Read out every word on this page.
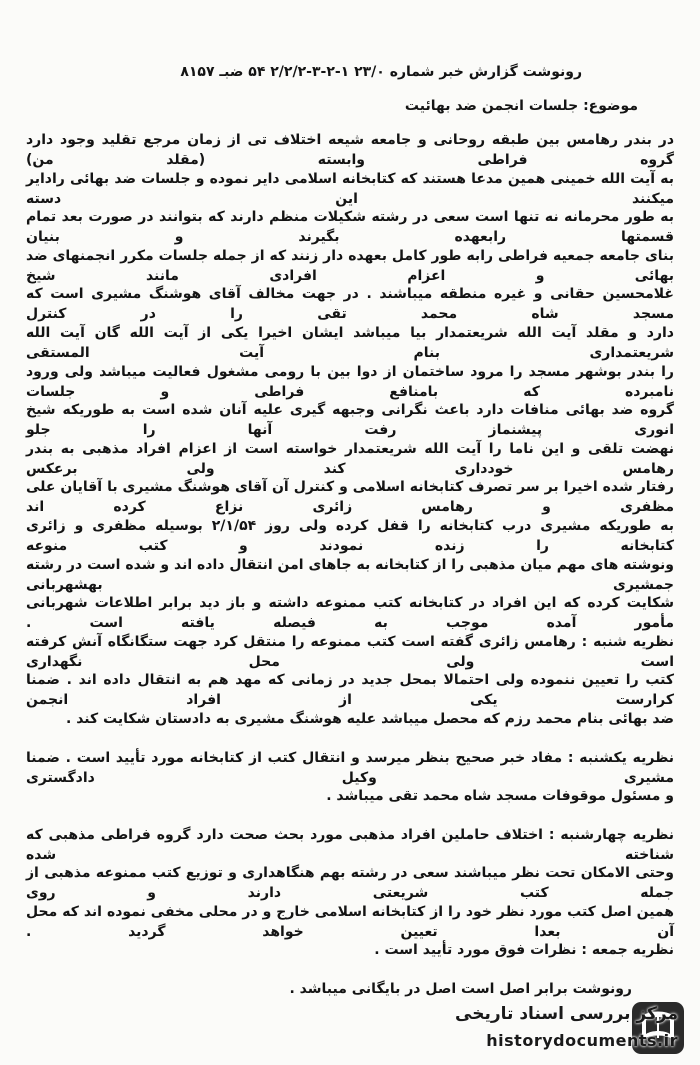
رونوشت گزارش خبر شماره ۲۳/۰ ۱-۲-۳-۲/۲/۲ ۵۴ ضبـ ۸۱۵۷
موضوع: جلسات انجمن ضد بهائیت
در بندر رهامس بین طبقه روحانی و جامعه شیعه اختلاف تی از زمان مرجع تقلید وجود دارد گروه فراطی وابسته (مقلد من)
به آیت الله خمینی همین مدعا هستند که کتابخانه اسلامی دایر نموده و جلسات ضد بهائی رادایر میکنند این دسته
به طور محرمانه نه تنها است سعی در رشته شکیلات منظم دارند که بتوانند در صورت بعد تمام قسمتها رابعهده بگیرند و بنیان
بنای جامعه جمعیه فراطی رابه طور کامل بعهده دار زنند که از جمله جلسات مکرر انجمنهای ضد بهائی و اعزام افرادی مانند شیخ
غلامحسین حقانی و غیره منطقه میباشند . در جهت مخالف آقای هوشنگ مشیری است که مسجد شاه محمد تقی را در کنترل
دارد و مقلد آیت الله شریعتمدار بیا میباشد ایشان اخیرا یکی از آیت الله گان آیت الله شریعتمداری بنام آیت المستقی
را بندر بوشهر مسجد را مرود ساختمان از دوا بین با رومی مشغول فعالیت میباشد ولی ورود نامبرده که بامنافع فراطی و جلسات
گروه ضد بهائی منافات دارد باعث نگرانی وجبهه گیری علیه آنان شده است به طوریکه شیخ انوری پیشنماز رفت آنها را جلو
نهضت تلقی و این ناما را آیت الله شریعتمدار خواسته است از اعزام افراد مذهبی به بندر رهامس خودداری کند ولی برعکس
رفتار شده اخیرا بر سر تصرف کتابخانه اسلامی و کنترل آن آقای هوشنگ مشیری با آقایان علی مظفری و رهامس زائری نزاع کرده اند
به طوریکه مشیری درب کتابخانه را قفل کرده ولی روز ۲/۱/۵۴ بوسیله مظفری و زائری کتابخانه را زنده نمودند و کتب منوعه
ونوشته های مهم میان مذهبی را از کتابخانه به جاهای امن انتقال داده اند و شده است در رشته جمشیری بهشهربانی
شکایت کرده که این افراد در کتابخانه کتب ممنوعه داشته و باز دید برابر اطلاعات شهربانی مأمور آمده موجب به فیصله یافته است .
نظریه شنبه : رهامس زائری گفته است کتب ممنوعه را منتقل کرد جهت ستگانگاه آنش کرفته است ولی محل نگهداری
کتب را تعیین ننموده ولی احتمالا بمحل جدید در زمانی که مهد هم به انتقال داده اند . ضمنا کرارست یکی از افراد انجمن
ضد بهائی بنام محمد رزم که محصل میباشد علیه هوشنگ مشیری به دادستان شکایت کند .
نظریه یکشنبه : مفاد خبر صحیح بنظر میرسد و انتقال کتب از کتابخانه مورد تأیید است . ضمنا مشیری وکیل دادگستری
و مسئول موقوفات مسجد شاه محمد تقی میباشد .
نظریه چهارشنبه : اختلاف حاملین افراد مذهبی مورد بحث صحت دارد گروه فراطی مذهبی که شناخته شده
وحتی الامکان تحت نظر میباشند سعی در رشته بهم هنگاهداری و توزیع کتب ممنوعه مذهبی از جمله کتب شریعتی دارند و روی
همین اصل کتب مورد نظر خود را از کتابخانه اسلامی خارج و در محلی مخفی نموده اند که محل آن بعدا تعیین خواهد گردید .
نظریه جمعه : نظرات فوق مورد تأیید است .
رونوشت برابر اصل است اصل در بایگانی میباشد .
مرکز بررسی اسناد تاریخی
historydocuments.ir
